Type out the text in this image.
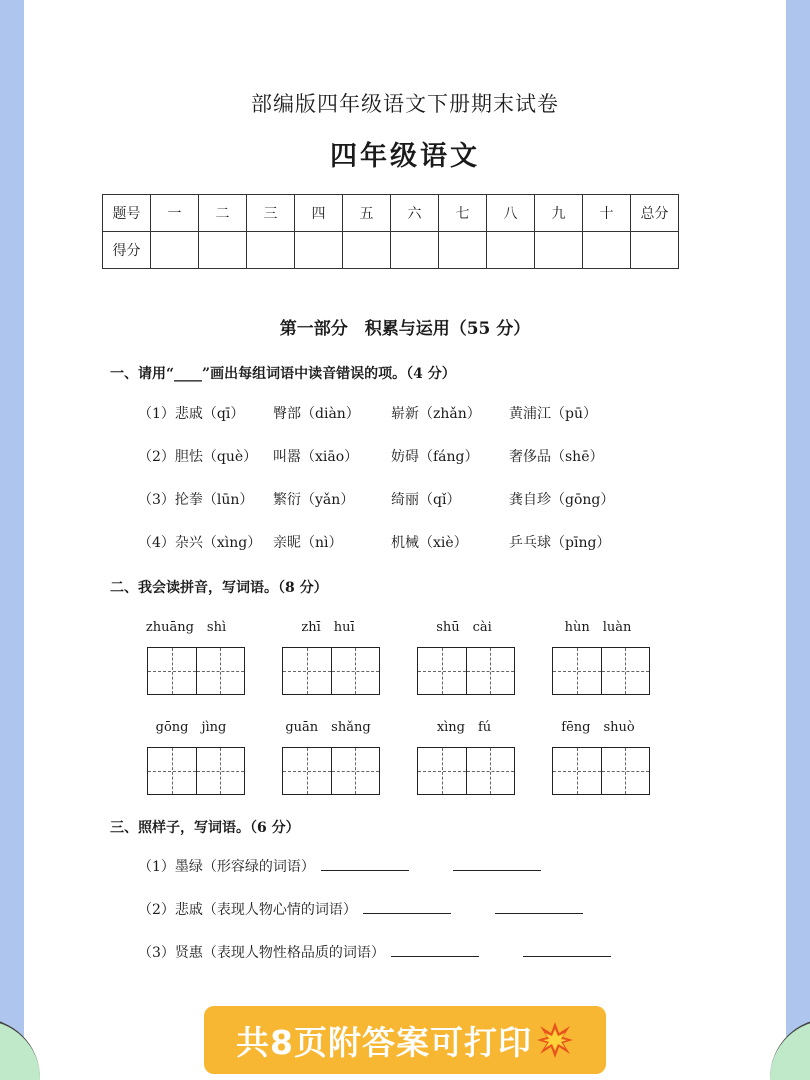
部编版四年级语文下册期末试卷
四年级语文
题号	一	二	三	四	五	六	七	八	九	十	总分
得分											
第一部分　积累与运用（55 分）
一、请用“____”画出每组词语中读音错误的项。（4 分）
（1）悲戚（qī） 臀部（diàn） 崭新（zhǎn） 黄浦江（pū）
（2）胆怯（què） 叫嚣（xiāo） 妨碍（fáng） 奢侈品（shē）
（3）抡拳（lūn） 繁衍（yǎn）	绮丽（qǐ）	龚自珍（gōng）
（4）杂兴（xìng） 亲昵（nì）	机械（xiè）	乒乓球（pīng）
二、我会读拼音，写词语。（8 分）
zhuāng　shì	zhī　huī	shū　cài	hùn　luàn
gōng　jìng	guān　shǎng	xìng　fú	fēng　shuò
三、照样子，写词语。（6 分）
（1）墨绿（形容绿的词语）
（2）悲戚（表现人物心情的词语）
（3）贤惠（表现人物性格品质的词语）
共8页附答案可打印
